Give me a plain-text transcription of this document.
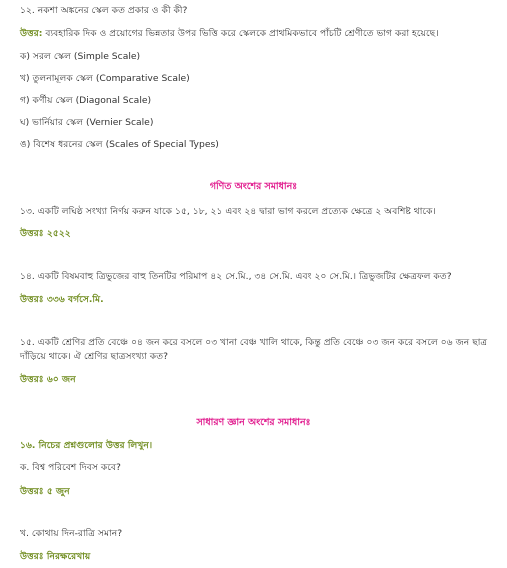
১২. নকশা অঙ্কনের স্কেল কত প্রকার ও কী কী?
উত্তর: ব্যবহারিক দিক ও প্রয়োগের ভিন্নতার উপর ভিত্তি করে স্কেলকে প্রাথমিকভাবে পাঁচটি শ্রেণীতে ভাগ করা হয়েছে।
ক) সরল স্কেল (Simple Scale)
খ) তুলনামূলক স্কেল (Comparative Scale)
গ) কর্ণীয় স্কেল (Diagonal Scale)
ঘ) ভার্নিয়ার স্কেল (Vernier Scale)
ঙ) বিশেষ ধরনের স্কেল (Scales of Special Types)
গণিত অংশের সমাধানঃ
১৩. একটি লঘিষ্ঠ সংখ্যা নির্ণয় করুন যাকে ১৫, ১৮, ২১ এবং ২৪ দ্বারা ভাগ করলে প্রত্যেক ক্ষেত্রে ২ অবশিষ্ট থাকে।
উত্তরঃ ২৫২২
১৪. একটি বিষমবাহু ত্রিভুজের বাহু তিনটির পরিমাপ ৪২ সে.মি., ৩৪ সে.মি. এবং ২০ সে.মি.। ত্রিভুজটির ক্ষেত্রফল কত?
উত্তরঃ ৩৩৬ বর্গসে.মি.
১৫. একটি শ্রেণির প্রতি বেঞ্চে ০৪ জন করে বসলে ০৩ খানা বেঞ্চ খালি থাকে, কিন্তু প্রতি বেঞ্চে ০৩ জন করে বসলে ০৬ জন ছাত্র
দাঁড়িয়ে থাকে। ঐ শ্রেণির ছাত্রসংখ্যা কত?
উত্তরঃ ৬০ জন
সাধারণ জ্ঞান অংশের সমাধানঃ
১৬. নিচের প্রশ্নগুলোর উত্তর লিখুন।
ক. বিশ্ব পরিবেশ দিবস কবে?
উত্তরঃ ৫ জুন
খ. কোথায় দিন-রাত্রি সমান?
উত্তরঃ নিরক্ষরেখায়
